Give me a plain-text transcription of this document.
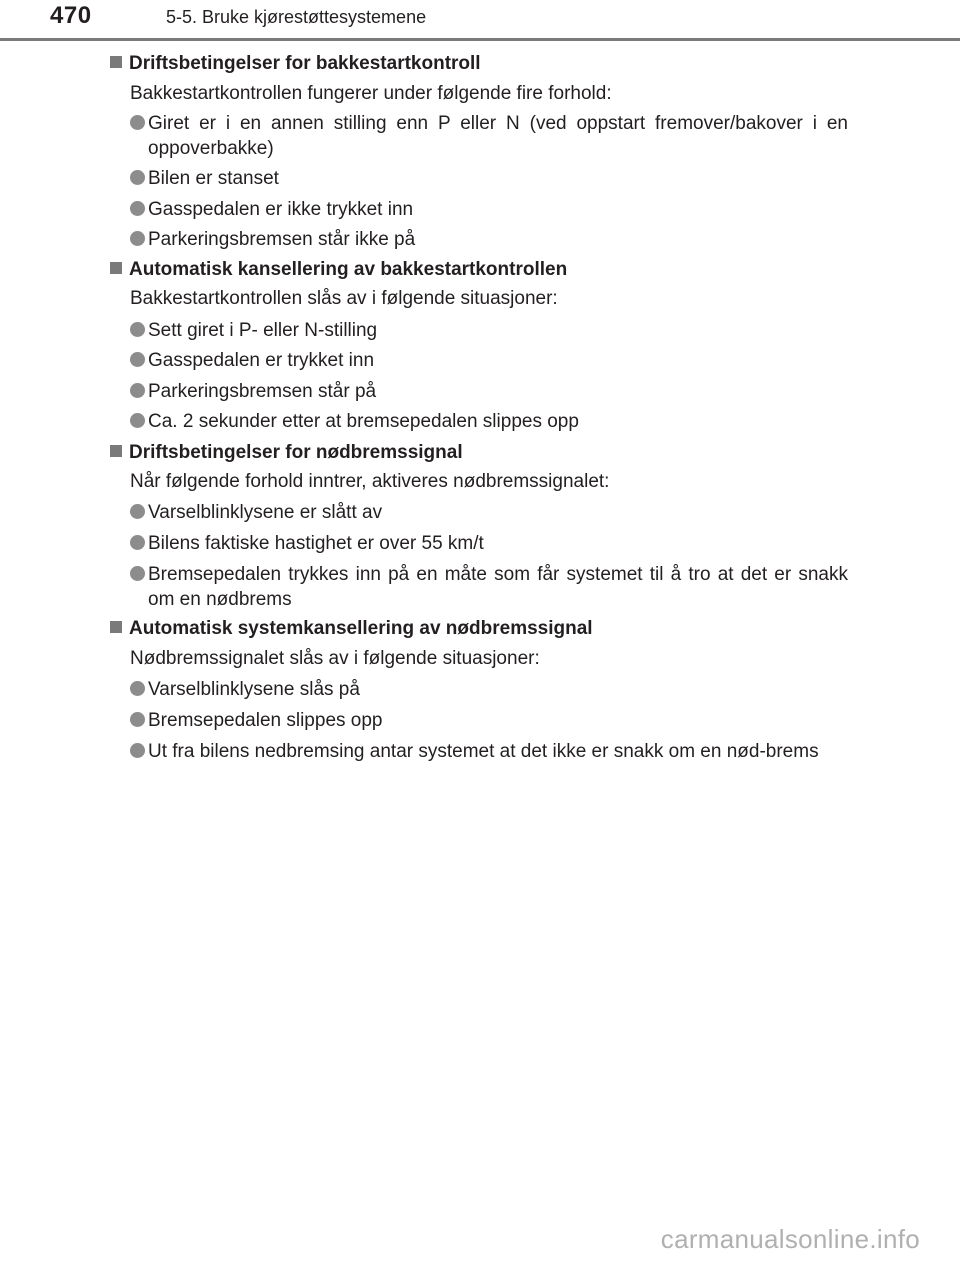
470	5-5. Bruke kjørestøttesystemene
Driftsbetingelser for bakkestartkontroll
Bakkestartkontrollen fungerer under følgende fire forhold:
Giret er i en annen stilling enn P eller N (ved oppstart fremover/bakover i en oppoverbakke)
Bilen er stanset
Gasspedalen er ikke trykket inn
Parkeringsbremsen står ikke på
Automatisk kansellering av bakkestartkontrollen
Bakkestartkontrollen slås av i følgende situasjoner:
Sett giret i P- eller N-stilling
Gasspedalen er trykket inn
Parkeringsbremsen står på
Ca. 2 sekunder etter at bremsepedalen slippes opp
Driftsbetingelser for nødbremssignal
Når følgende forhold inntrer, aktiveres nødbremssignalet:
Varselblinklysene er slått av
Bilens faktiske hastighet er over 55 km/t
Bremsepedalen trykkes inn på en måte som får systemet til å tro at det er snakk om en nødbrems
Automatisk systemkansellering av nødbremssignal
Nødbremssignalet slås av i følgende situasjoner:
Varselblinklysene slås på
Bremsepedalen slippes opp
Ut fra bilens nedbremsing antar systemet at det ikke er snakk om en nød-brems
carmanualsonline.info
